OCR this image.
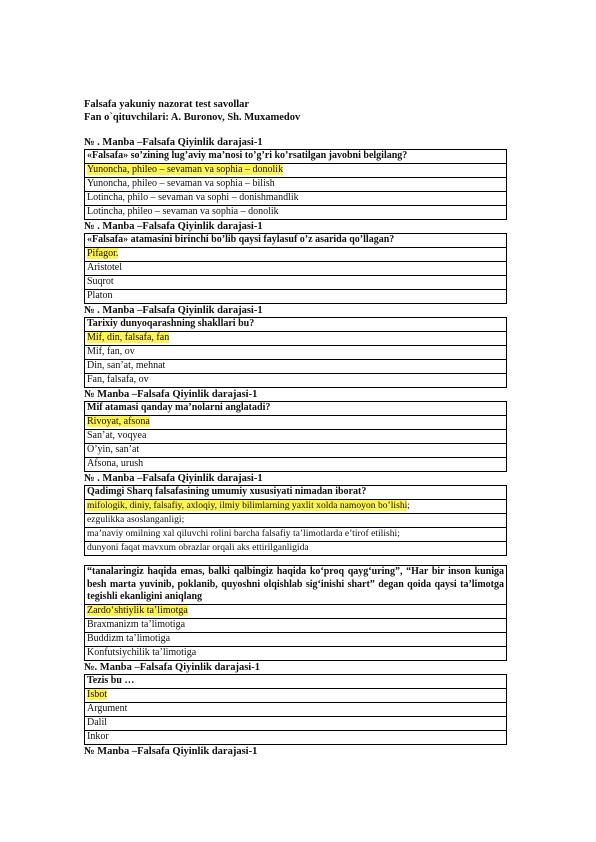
Falsafa yakuniy nazorat test savollar
Fan o`qituvchilari: A. Buronov, Sh. Muxamedov
№ . Manba –Falsafa Qiyinlik darajasi-1
«Falsafa» so’zining lug’aviy ma’nosi to’g’ri ko’rsatilgan javobni belgilang?
Yunoncha, phileo – sevaman va sophia – donolik
Yunoncha, phileo – sevaman va sophia – bilish
Lotincha, philo – sevaman va sophi – donishmandlik
Lotincha, phileo – sevaman va sophia – donolik
№ . Manba –Falsafa Qiyinlik darajasi-1
«Falsafa» atamasini birinchi bo’lib qaysi faylasuf o’z asarida qo’llagan?
Pifagor.
Aristotel
Suqrot
Platon
№ . Manba –Falsafa Qiyinlik darajasi-1
Tarixiy dunyoqarashning shakllari bu?
Mif, din, falsafa, fan
Mif, fan, ov
Din, san’at, mehnat
Fan, falsafa, ov
№ Manba –Falsafa Qiyinlik darajasi-1
Mif atamasi qanday ma’nolarni anglatadi?
Rivoyat, afsona
San’at, voqyea
O’yin, san’at
Afsona, urush
№ . Manba –Falsafa Qiyinlik darajasi-1
Qadimgi Sharq falsafasining umumiy xususiyati nimadan iborat?
mifologik, diniy, falsafiy, axloqiy, ilmiy bilimlarning yaxlit xolda namoyon bo’lishi;
ezgulikka asoslanganligi;
ma’naviy omilning xal qiluvchi rolini barcha falsafiy ta’limotlarda e’tirof etilishi;
dunyoni faqat mavxum obrazlar orqali aks ettirilganligida
“tanalaringiz haqida emas, balki qalbingiz haqida ko‘proq qayg‘uring”, “Har bir inson kuniga besh marta yuvinib, poklanib, quyoshni olqishlab sig‘inishi shart” degan qoida qaysi ta’limotga tegishli ekanligini aniqlang
Zardo‘shtiylik ta’limotga
Braxmanizm ta’limotiga
Buddizm ta’limotiga
Konfutsiychilik ta’limotiga
№. Manba –Falsafa Qiyinlik darajasi-1
Tezis bu …
Isbot
Argument
Dalil
Inkor
№ Manba –Falsafa Qiyinlik darajasi-1
